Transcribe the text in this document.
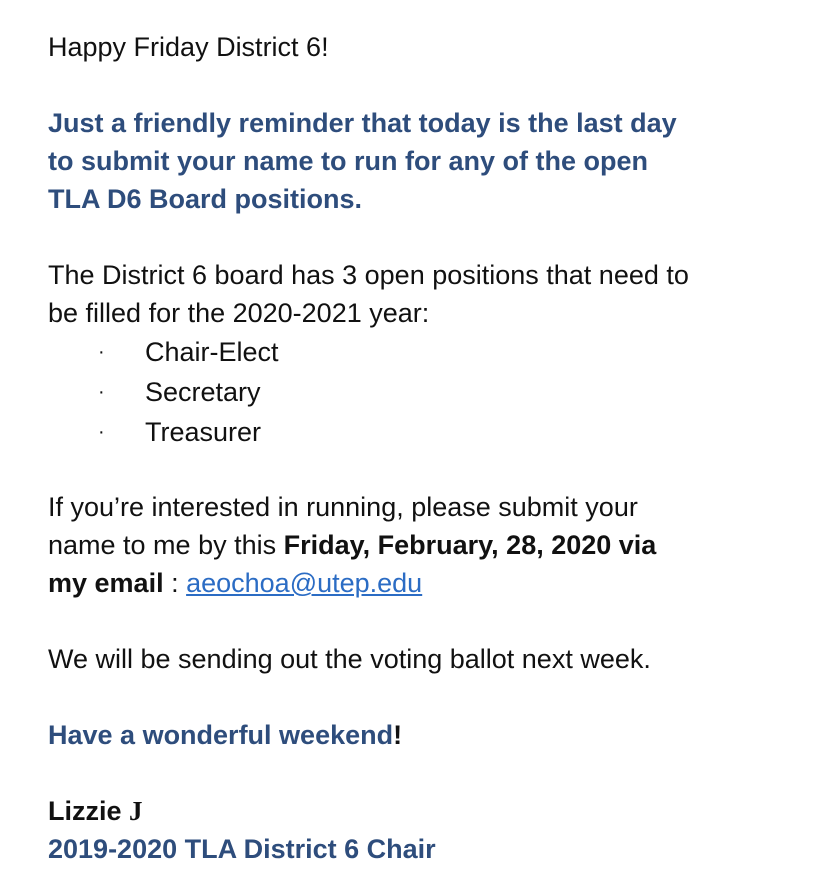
Happy Friday District 6!
Just a friendly reminder that today is the last day
to submit your name to run for any of the open
TLA D6 Board positions.
The District 6 board has 3 open positions that need to
be filled for the 2020-2021 year:
· Chair-Elect
· Secretary
· Treasurer
If you’re interested in running, please submit your
name to me by this Friday, February, 28, 2020 via
my email : aeochoa@utep.edu
We will be sending out the voting ballot next week.
Have a wonderful weekend!
Lizzie J
2019-2020 TLA District 6 Chair
